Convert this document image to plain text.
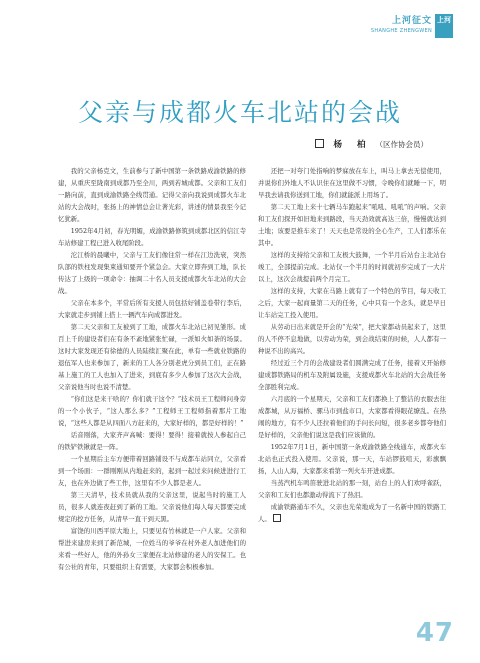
上河征文
SHANGHE ZHENGWEN
上河
父亲与成都火车北站的会战
杨 柏 （区作协会员）

我的父亲杨克文，生前参与了新中国第一条铁路成渝铁路的修建，从重庆至陇南到成都乃至全川，两到若城成都。父亲和工友们一路向前，直到成渝铁路全线贯通。记得父亲向我说到成都火车北站的大会战时，张扬上的神情总会让著光彩，讲述的情景我至今记忆犹新。

1952年4月初，春光明媚，成渝铁路修筑到成都北区的信江寺车站修建工程已进入收尾阶段。

沱江桥的晨曦中，父亲与工友们像往常一样在江边洗衰，突然队部的铁柱发现集束通知要开个紧急会。大家立即奔到工地，队长传达了上级的一项命令：抽调二十名人员支援成都火车北站的大会战。

父亲在本多个，平常后所有支援人员包括好铺盖卷带行李后，大家就走步到铺上搭上一辆汽车向成都进发。

第二天父亲和工友被到了工地，成都火车北站已初见雏形。成百上千的建设者们在有条不紊地紧张忙碌，一派如火如荼的场景。这时大家发现还有徐德的人员陆续汇聚在此，单有一些就业铁路的退伍军人也来参加了，新来的工人各分别老虎分到员工们，正在路基上施工的工人也加入了进来，到底有多少人参加了这次大会战，父亲说他当时也说不清楚。

“你们这是来干啥的？你们就干这个？”技术员王工程师问身旁的一个小伙子，“这人那么多？”工程师王工程师指着那片工地说，“这些人都是从四面八方赶来的，大家好样的，都是好样的！”

话音刚落，大家齐声高喊：要得！要得！接着就按人参起自己的铁铲铁锹就是一阵。

一个星期后主车方便带着回路铺设不与成都车站同立，父亲看到一个场面：一群刚刚从内地赶来的，起到一起过来问候进进行工友，也在外边做了些工作，这里有不少人都是老人。

第三天清早，技术员就从我的父亲这里，说起当时的施工人员，很多人就连夜赶到了新的工地。父亲说他们每人每天都要完成规定的挖方任务，从清早一直干到天黑。

富饶的川西平原大地上，只要见有竹林就是一户人家。父亲和帮进来建房来到了新范城，一位姓马的爷爷在村外老人加进他们的来看一些好人，他的外孙女三家便在北站修建的老人的安保工。也有公社的青年，只要组织上有需要，大家都会积极参加。

还把一对夸门处指响的梦寐放在车上，叫马上拿去无偿使用，并说你们外地人不认识住在这里做不习惯，令晚你们就睡一下，明早我去请我你送到工地，你们就能派上用场了。

第二天工地上来十七辆马车跑起来“吼吼、吼吼”的声响。父亲和工友们探开如旧地来到路段，当天劲效就高达三倍，慢慢就达到土地；该要是推车来了！天天也是常设的全心生产，工人们都乐在其中。

这样的支持给父亲和工友极大鼓舞，一个半月后站台主北站台竣工，全部提前完成。北站仅一个半月的时间就初步完成了一大片以上，这次会战提前两个月完工。

这样的支持，大家在马路上就有了一个特色的节目，每天收工之后，大家一起商量第二天的任务，心中只有一个念头，就是早日让车站完工投入使用。

从劳动日出来就是开会的“光荣”，把大家都动员起来了，这里的人不停不息地做，以劳动为荣，到会战结束的时候，人人都有一种说不出的高兴。

经过近三个月的会战建设者们圆满完成了任务，接着又开始修建成都铁路局的机车及附属设施，支援成都火车北站的大会战任务全部胜利完成。

六月底的一个星期天，父亲和工友们都换上了整洁的衣服去往成都城，从万福桥、骡马市到盐市口，大家都看得眼花缭乱。在热闹的地方，有不少人还拉着他们的手问长问短，很多老乡都夸他们是好样的，父亲他们说这是我们应该做的。

1952年7月1日，新中国第一条成渝铁路全线通车，成都火车北站也正式投入使用。父亲说，那一天，车站锣鼓喧天，彩旗飘扬，人山人海，大家都来看第一列火车开进成都。

当蒸汽机车鸣笛驶进北站的那一刻，站台上的人们欢呼雀跃，父亲和工友们也都激动得流下了热泪。

成渝铁路通车不久，父亲也光荣地成为了一名新中国的铁路工人。

47
